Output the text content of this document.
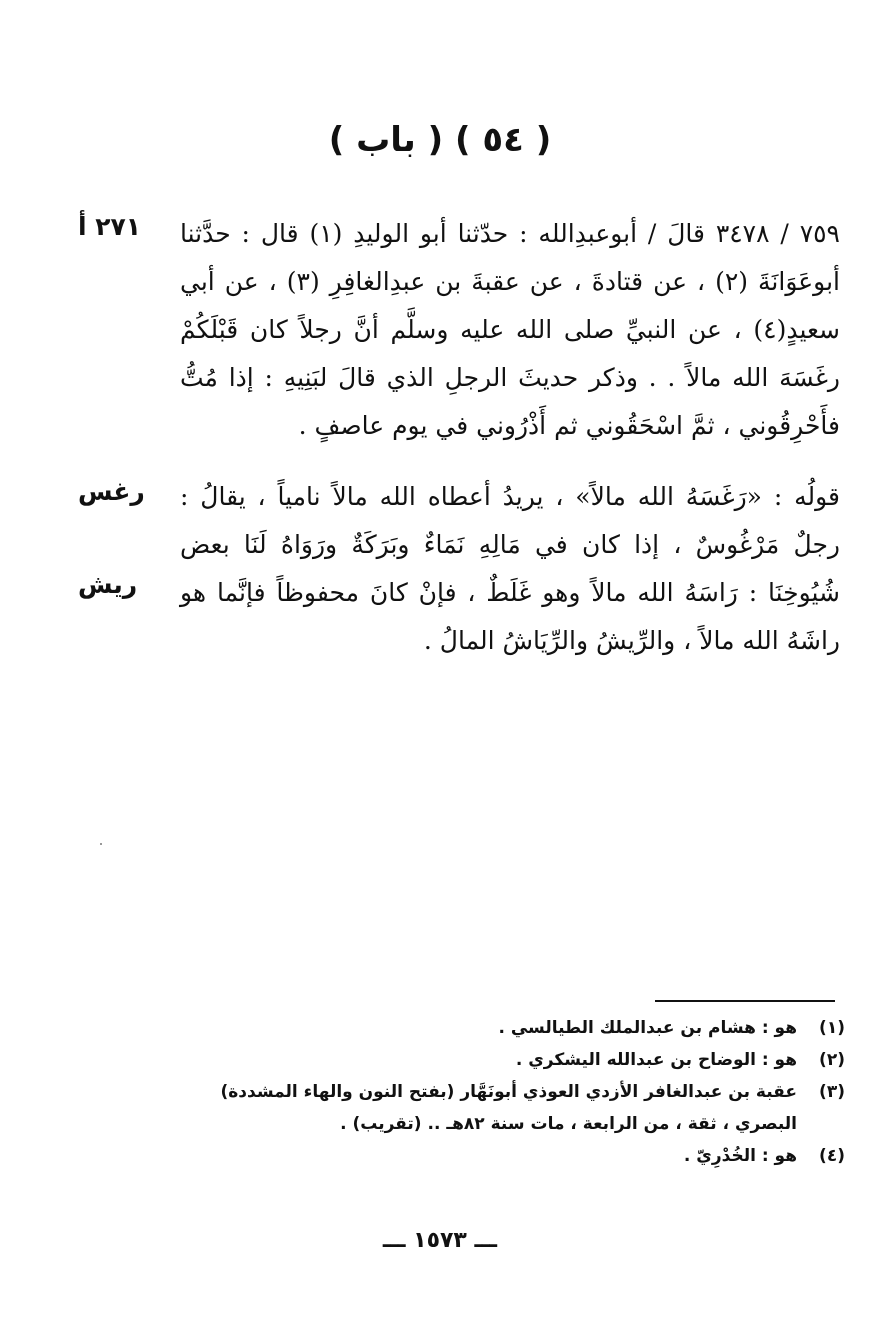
( ٥٤ ) ( باب )
٢٧١ أ
رغس
ريش

٧٥٩ / ٣٤٧٨ قالَ / أبوعبدِالله : حدّثنا أبو الوليدِ (١) قال : حدَّثنا أبوعَوَانَةَ (٢) ، عن قتادةَ ، عن عقبةَ بن عبدِالغافِرِ (٣) ، عن أبي سعيدٍ(٤) ، عن النبيِّ صلى الله عليه وسلَّم أنَّ رجلاً كان قَبْلَكُمْ رغَسَهَ الله مالاً . . وذكر حديثَ الرجلِ الذي قالَ لبَنِيهِ : إذا مُتُّ فأَحْرِقُوني ، ثمَّ اسْحَقُوني ثم أَذْرُوني في يوم عاصفٍ .

قولُه : «رَغَسَهُ الله مالاً» ، يريدُ أعطاه الله مالاً نامياً ، يقالُ : رجلٌ مَرْغُوسٌ ، إذا كان في مَالِهِ نَمَاءٌ وبَرَكَةٌ ورَوَاهُ لَنَا بعض شُيُوخِنَا : رَاسَهُ الله مالاً وهو غَلَطٌ ، فإنْ كانَ محفوظاً فإنَّما هو راشَهُ الله مالاً ، والرِّيشُ والرِّيَاشُ المالُ .

(١)
هو : هشام بن عبدالملك الطيالسي .
(٢)
هو : الوضاح بن عبدالله اليشكري .
(٣)
عقبة بن عبدالغافر الأزدي العوذي أبونَهَّار (بفتح النون والهاء المشددة) البصري ، ثقة ، من الرابعة ، مات سنة ٨٢هـ .. (تقريب) .
(٤)
هو : الخُدْرِيّ .
ـــ ١٥٧٣ ـــ
